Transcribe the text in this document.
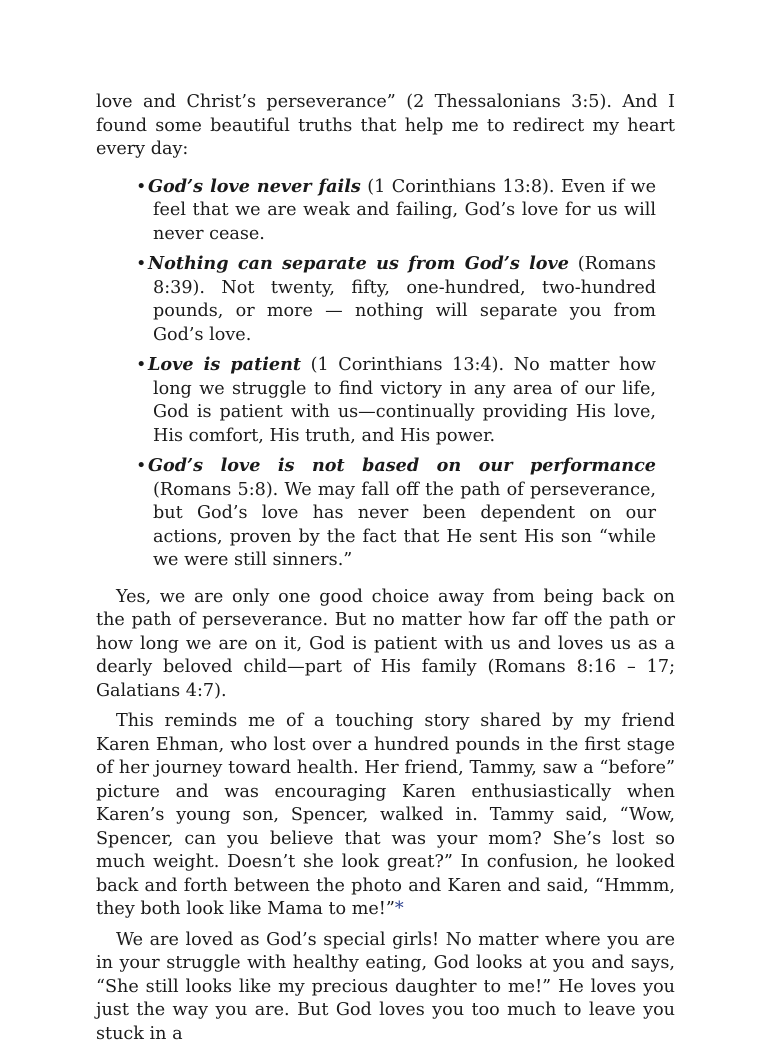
love and Christ’s perseverance” (2 Thessalonians 3:5). And I found some beautiful truths that help me to redirect my heart every day:

•God’s love never fails (1 Corinthians 13:8). Even if we feel that we are weak and failing, God’s love for us will never cease.
•Nothing can separate us from God’s love (Romans 8:39). Not twenty, fifty, one-hundred, two-hundred pounds, or more — nothing will separate you from God’s love.
•Love is patient (1 Corinthians 13:4). No matter how long we struggle to find victory in any area of our life, God is patient with us—continually providing His love, His comfort, His truth, and His power.
•God’s love is not based on our performance (Romans 5:8). We may fall off the path of perseverance, but God’s love has never been dependent on our actions, proven by the fact that He sent His son “while we were still sinners.”

Yes, we are only one good choice away from being back on the path of perseverance. But no matter how far off the path or how long we are on it, God is patient with us and loves us as a dearly beloved child—part of His family (Romans 8:16 – 17; Galatians 4:7).

This reminds me of a touching story shared by my friend Karen Ehman, who lost over a hundred pounds in the first stage of her journey toward health. Her friend, Tammy, saw a “before” picture and was encouraging Karen enthusiastically when Karen’s young son, Spencer, walked in. Tammy said, “Wow, Spencer, can you believe that was your mom? She’s lost so much weight. Doesn’t she look great?” In confusion, he looked back and forth between the photo and Karen and said, “Hmmm, they both look like Mama to me!”*

We are loved as God’s special girls! No matter where you are in your struggle with healthy eating, God looks at you and says, “She still looks like my precious daughter to me!” He loves you just the way you are. But God loves you too much to leave you stuck in a
